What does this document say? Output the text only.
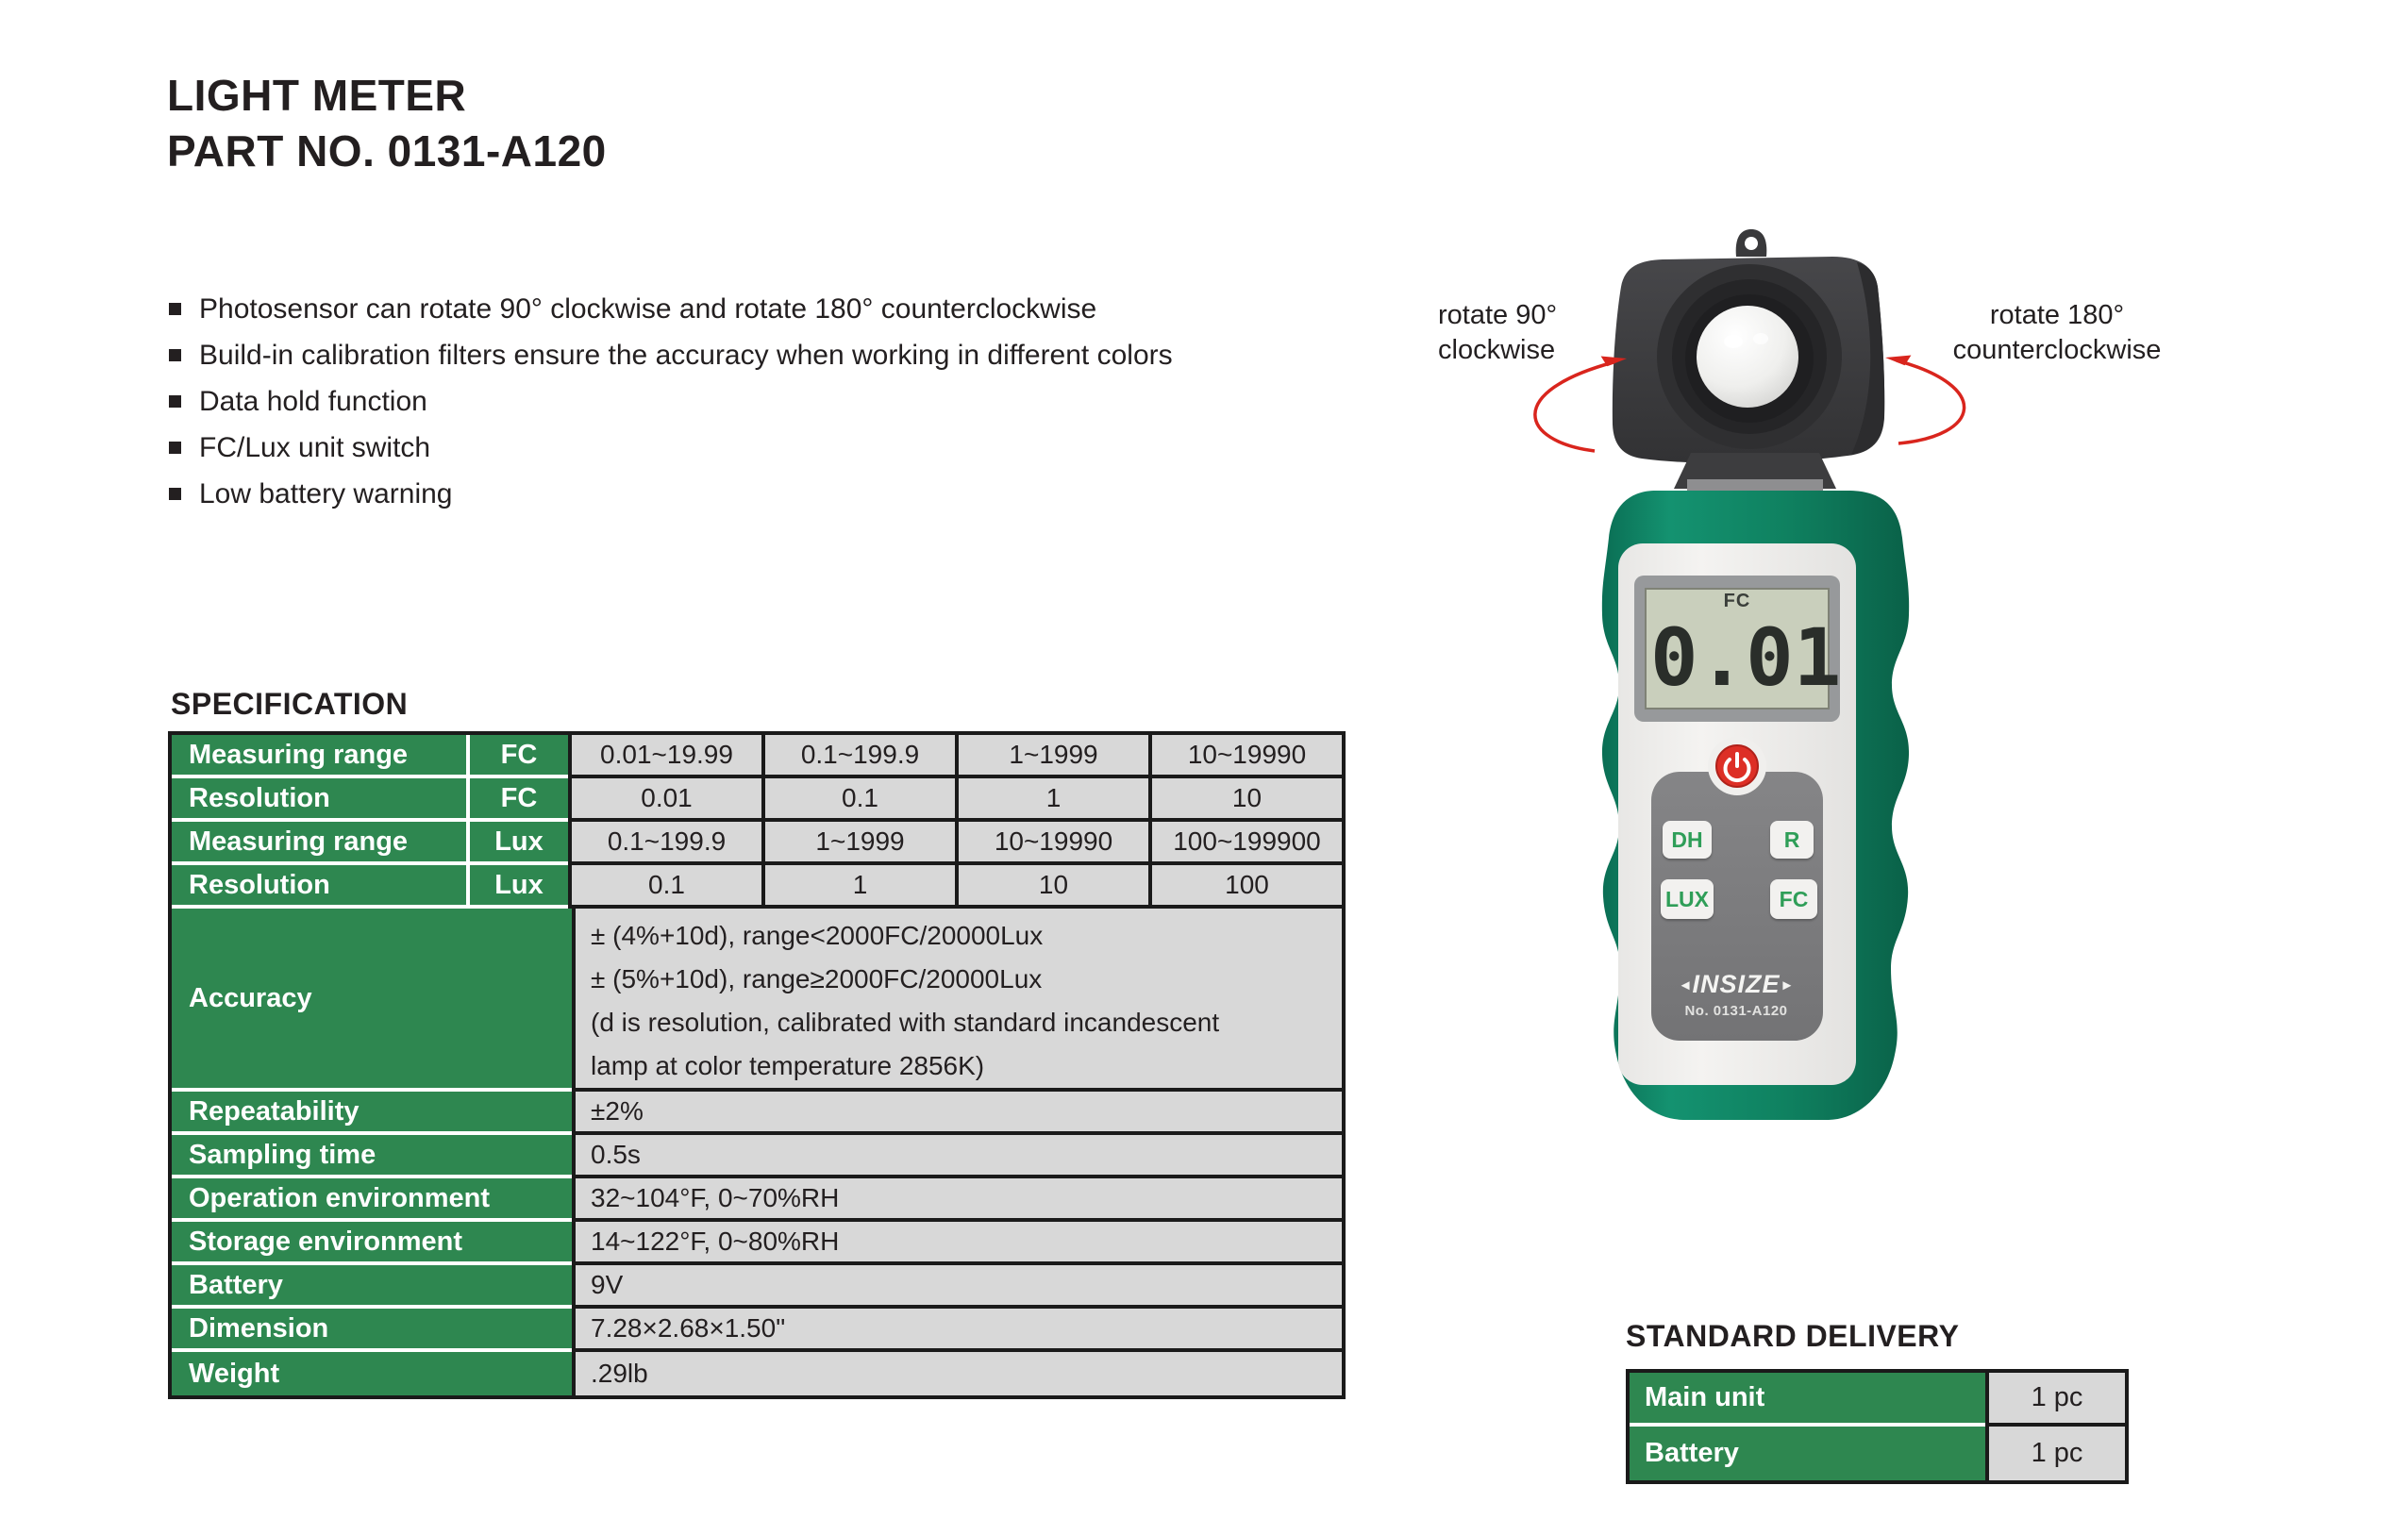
LIGHT METER
PART NO. 0131-A120
Photosensor can rotate 90° clockwise and rotate 180° counterclockwise
Build-in calibration filters ensure the accuracy when working in different colors
Data hold function
FC/Lux unit switch
Low battery warning
SPECIFICATION
Measuring range	FC	0.01~19.99	0.1~199.9	1~1999	10~19990
Resolution	FC	0.01	0.1	1	10
Measuring range	Lux	0.1~199.9	1~1999	10~19990	100~199900
Resolution	Lux	0.1	1	10	100
Accuracy
± (4%+10d), range<2000FC/20000Lux
± (5%+10d), range≥2000FC/20000Lux
(d is resolution, calibrated with standard incandescent
lamp at color temperature 2856K)
Repeatability	±2%
Sampling time	0.5s
Operation environment	32~104°F, 0~70%RH
Storage environment	14~122°F, 0~80%RH
Battery	9V
Dimension	7.28×2.68×1.50"
Weight	.29lb
STANDARD DELIVERY
Main unit	1 pc
Battery	1 pc
FC
0.0 1
DH	R
LUX	FC
◄INSIZE►
No. 0131-A120
rotate 90°
clockwise
rotate 180°
counterclockwise
